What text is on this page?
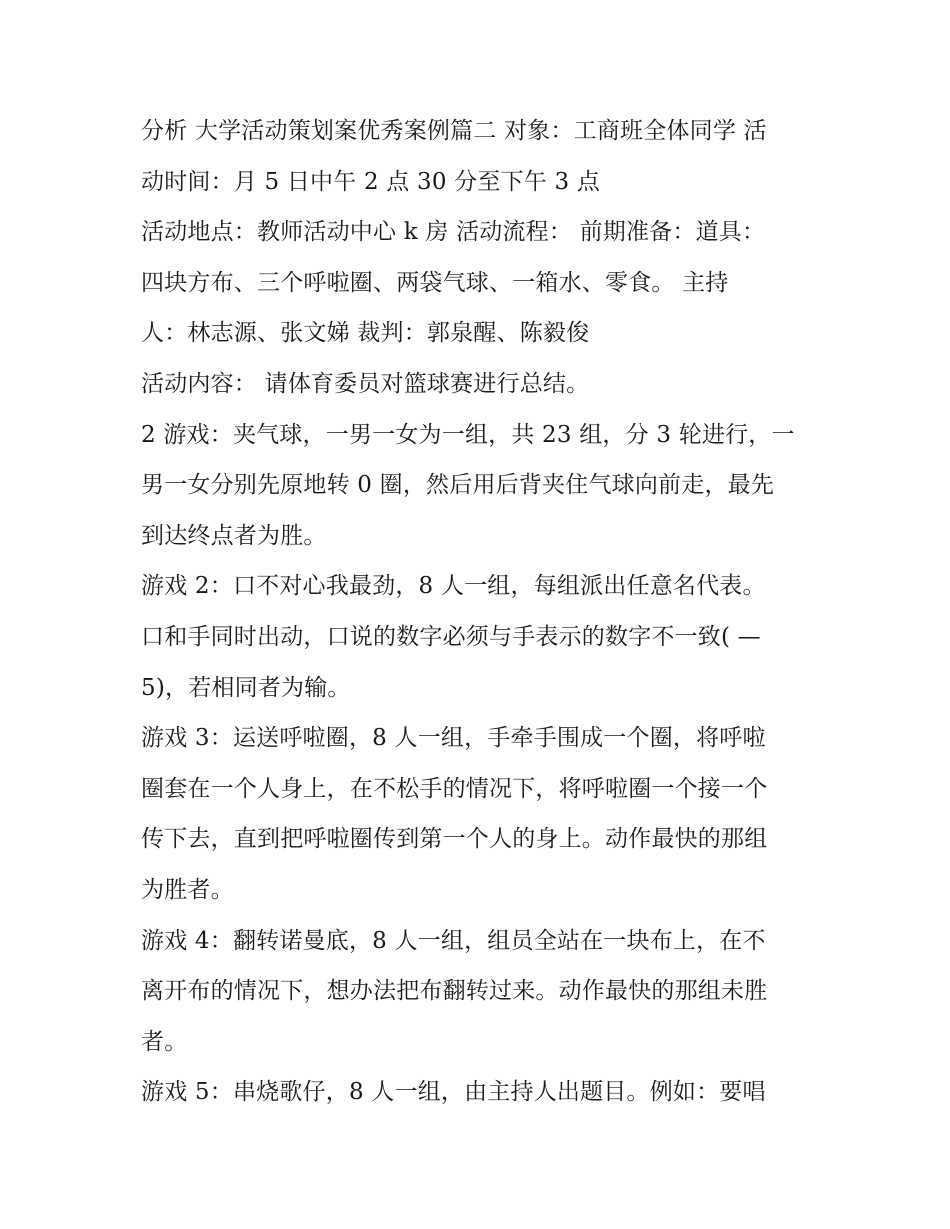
分析 大学活动策划案优秀案例篇二 对象：工商班全体同学 活
动时间：月 5 日中午 2 点 30 分至下午 3 点
活动地点：教师活动中心 k 房 活动流程： 前期准备：道具：
四块方布、三个呼啦圈、两袋气球、一箱水、零食。 主持
人：林志源、张文娣 裁判：郭泉醒、陈毅俊
活动内容： 请体育委员对篮球赛进行总结。
2 游戏：夹气球，一男一女为一组，共 23 组，分 3 轮进行，一
男一女分别先原地转 0 圈，然后用后背夹住气球向前走，最先
到达终点者为胜。
游戏 2：口不对心我最劲，8 人一组，每组派出任意名代表。
口和手同时出动，口说的数字必须与手表示的数字不一致( —
5)，若相同者为输。
游戏 3：运送呼啦圈，8 人一组，手牵手围成一个圈，将呼啦
圈套在一个人身上，在不松手的情况下，将呼啦圈一个接一个
传下去，直到把呼啦圈传到第一个人的身上。动作最快的那组
为胜者。
游戏 4：翻转诺曼底，8 人一组，组员全站在一块布上，在不
离开布的情况下，想办法把布翻转过来。动作最快的那组未胜
者。
游戏 5：串烧歌仔，8 人一组，由主持人出题目。例如：要唱
